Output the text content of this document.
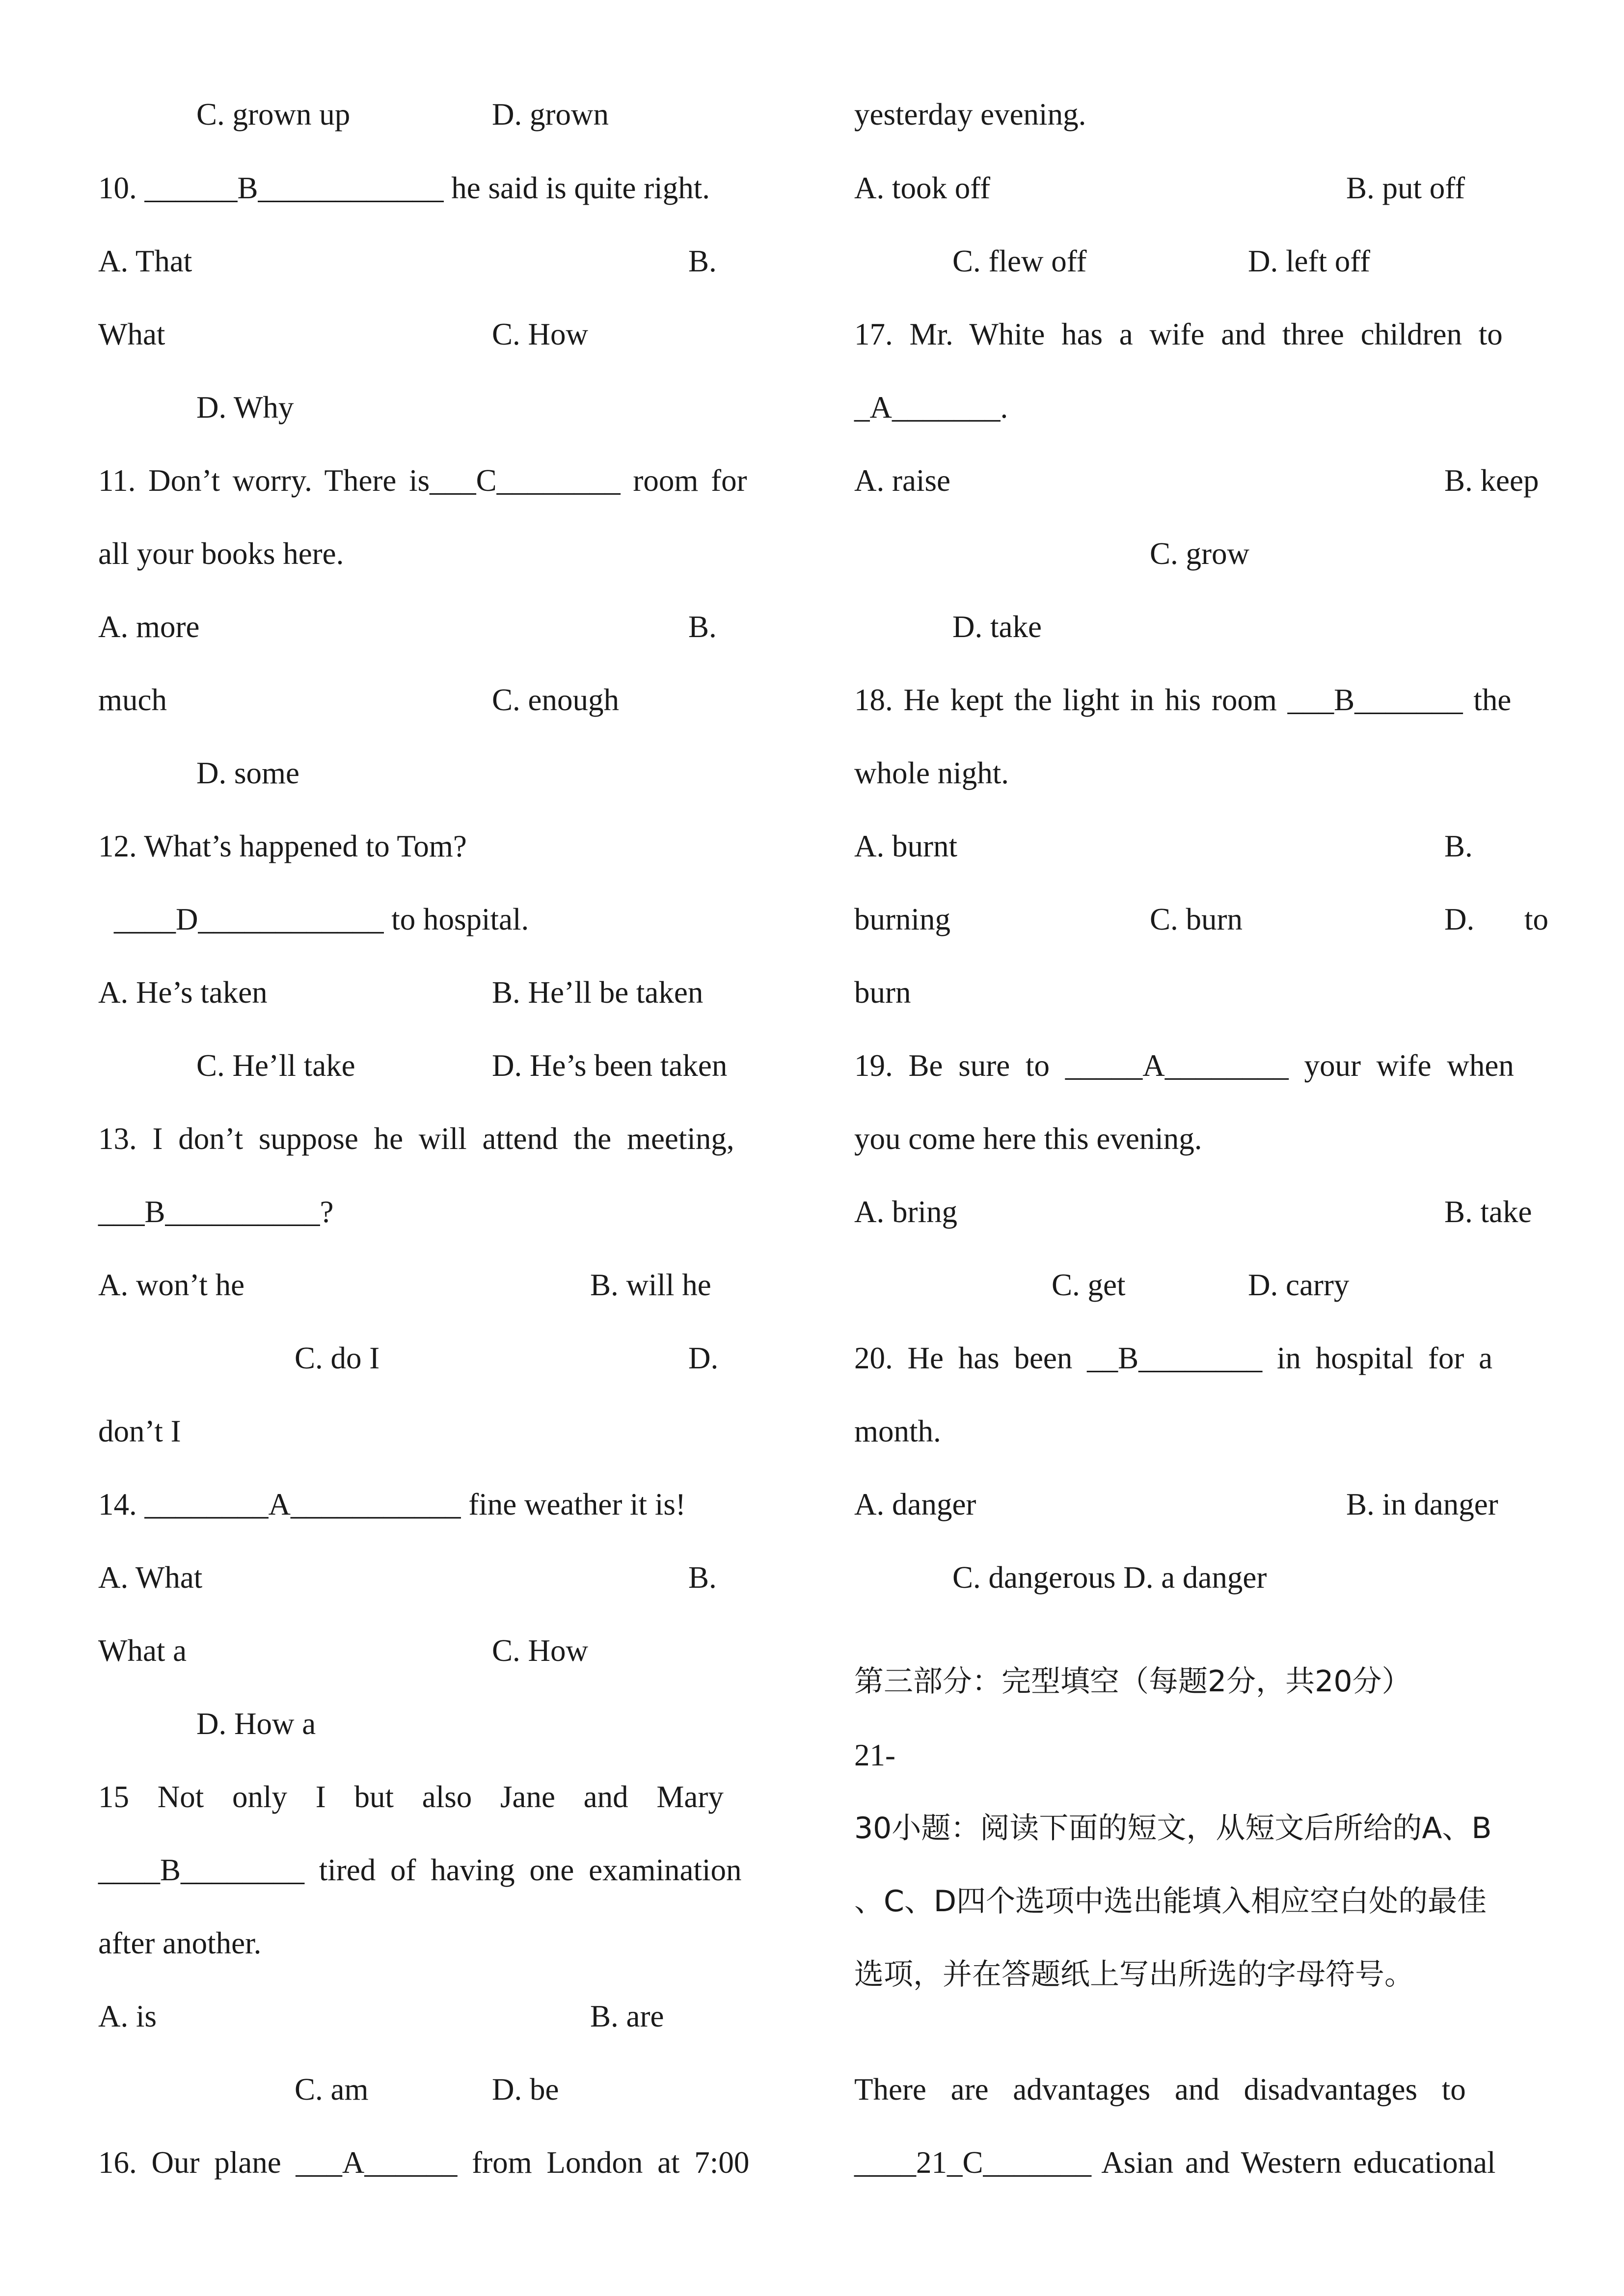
C. grown up	D. grown
10. ______B____________ he said is quite right.
A. That	B.
What	C. How
D. Why
11. Don’t worry. There is___C________ room for
all your books here.
A. more	B.
much	C. enough
D. some
12. What’s happened to Tom?
____D____________ to hospital.
A. He’s taken	B. He’ll be taken
C. He’ll take	D. He’s been taken
13. I don’t suppose he will attend the meeting,
___B__________?
A. won’t he	B. will he
C. do I	D.
don’t I
14. ________A___________ fine weather it is!
A. What	B.
What a	C. How
D. How a
15 Not only I but also Jane and Mary
____B________ tired of having one examination
after another.
A. is	B. are
C. am	D. be
16. Our plane ___A______ from London at 7:00
yesterday evening.
A. took off	B. put off
C. flew off	D. left off
17. Mr. White has a wife and three children to
_A_______.
A. raise	B. keep
C. grow
D. take
18. He kept the light in his room ___B_______ the
whole night.
A. burnt	B.
burning	C. burn	D. to
burn
19. Be sure to _____A________ your wife when
you come here this evening.
A. bring	B. take
C. get	D. carry
20. He has been __B________ in hospital for a
month.
A. danger	B. in danger
C. dangerous D. a danger
第三部分：完型填空（每题2分，共20分）
21-
30小题：阅读下面的短文，从短文后所给的A、B
、C、D四个选项中选出能填入相应空白处的最佳
选项，并在答题纸上写出所选的字母符号。
There are advantages and disadvantages to
____21_C_______ Asian and Western educational
